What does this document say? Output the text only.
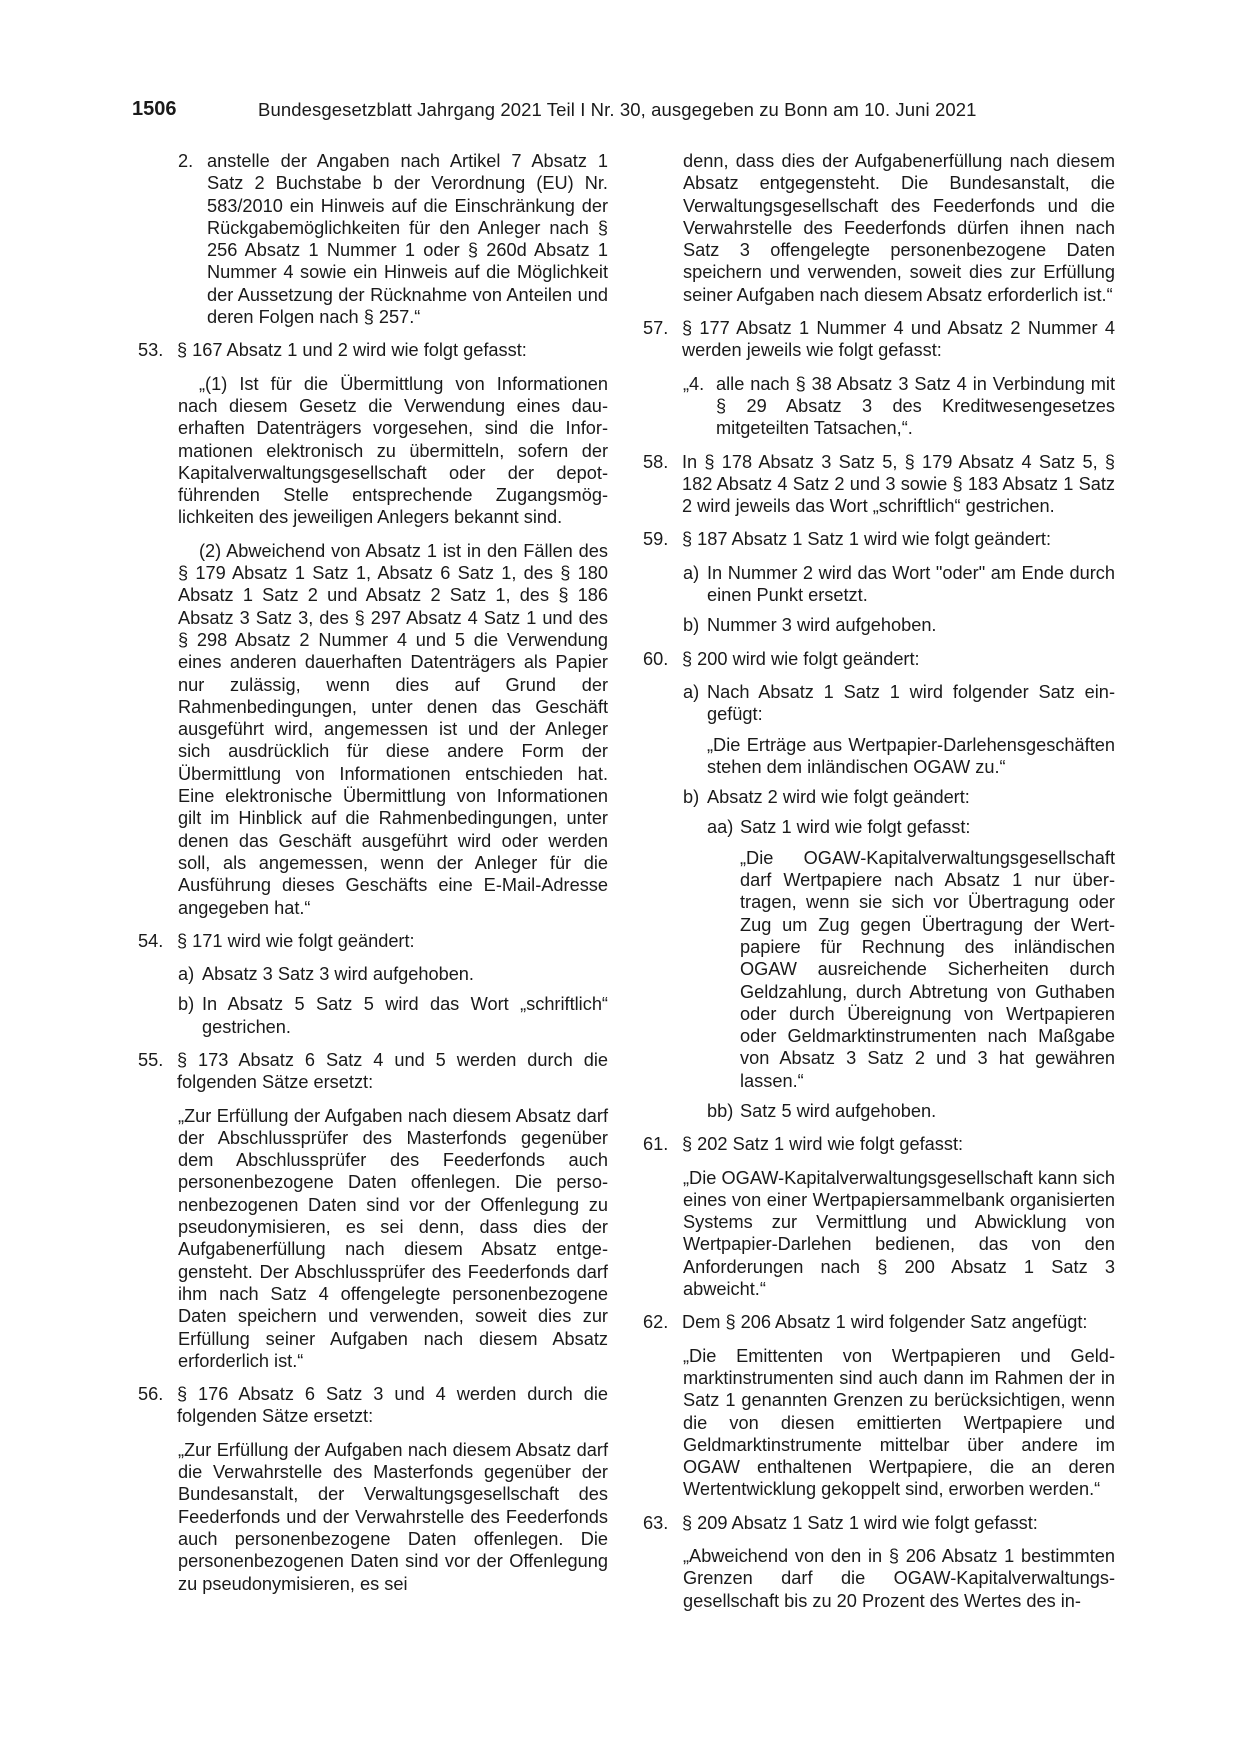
1506	Bundesgesetzblatt Jahrgang 2021 Teil I Nr. 30, ausgegeben zu Bonn am 10. Juni 2021
2. anstelle der Angaben nach Artikel 7 Absatz 1 Satz 2 Buchstabe b der Verordnung (EU) Nr. 583/2010 ein Hinweis auf die Einschränkung der Rückgabemöglichkeiten für den Anleger nach § 256 Absatz 1 Nummer 1 oder § 260d Absatz 1 Nummer 4 sowie ein Hinweis auf die Möglichkeit der Aussetzung der Rücknahme von Anteilen und deren Folgen nach § 257.“
53. § 167 Absatz 1 und 2 wird wie folgt gefasst:

„(1) Ist für die Übermittlung von Informationen nach diesem Gesetz die Verwendung eines dauerhaften Datenträgers vorgesehen, sind die Informationen elektronisch zu übermitteln, sofern der Kapitalverwaltungsgesellschaft oder der depotführenden Stelle entsprechende Zugangsmöglichkeiten des jeweiligen Anlegers bekannt sind.

(2) Abweichend von Absatz 1 ist in den Fällen des § 179 Absatz 1 Satz 1, Absatz 6 Satz 1, des § 180 Absatz 1 Satz 2 und Absatz 2 Satz 1, des § 186 Absatz 3 Satz 3, des § 297 Absatz 4 Satz 1 und des § 298 Absatz 2 Nummer 4 und 5 die Verwendung eines anderen dauerhaften Datenträgers als Papier nur zulässig, wenn dies auf Grund der Rahmenbedingungen, unter denen das Geschäft ausgeführt wird, angemessen ist und der Anleger sich ausdrücklich für diese andere Form der Übermittlung von Informationen entschieden hat. Eine elektronische Übermittlung von Informationen gilt im Hinblick auf die Rahmenbedingungen, unter denen das Geschäft ausgeführt wird oder werden soll, als angemessen, wenn der Anleger für die Ausführung dieses Geschäfts eine E-Mail-Adresse angegeben hat.“

54. § 171 wird wie folgt geändert:
a) Absatz 3 Satz 3 wird aufgehoben.
b) In Absatz 5 Satz 5 wird das Wort „schriftlich“ gestrichen.
55. § 173 Absatz 6 Satz 4 und 5 werden durch die folgenden Sätze ersetzt:

„Zur Erfüllung der Aufgaben nach diesem Absatz darf der Abschlussprüfer des Masterfonds gegenüber dem Abschlussprüfer des Feederfonds auch personenbezogene Daten offenlegen. Die personenbezogenen Daten sind vor der Offenlegung zu pseudonymisieren, es sei denn, dass dies der Aufgabenerfüllung nach diesem Absatz entgegensteht. Der Abschlussprüfer des Feederfonds darf ihm nach Satz 4 offengelegte personenbezogene Daten speichern und verwenden, soweit dies zur Erfüllung seiner Aufgaben nach diesem Absatz erforderlich ist.“

56. § 176 Absatz 6 Satz 3 und 4 werden durch die folgenden Sätze ersetzt:

„Zur Erfüllung der Aufgaben nach diesem Absatz darf die Verwahrstelle des Masterfonds gegenüber der Bundesanstalt, der Verwaltungsgesellschaft des Feederfonds und der Verwahrstelle des Feederfonds auch personenbezogene Daten offenlegen. Die personenbezogenen Daten sind vor der Offenlegung zu pseudonymisieren, es sei

denn, dass dies der Aufgabenerfüllung nach diesem Absatz entgegensteht. Die Bundesanstalt, die Verwaltungsgesellschaft des Feederfonds und die Verwahrstelle des Feederfonds dürfen ihnen nach Satz 3 offengelegte personenbezogene Daten speichern und verwenden, soweit dies zur Erfüllung seiner Aufgaben nach diesem Absatz erforderlich ist.“

57. § 177 Absatz 1 Nummer 4 und Absatz 2 Nummer 4 werden jeweils wie folgt gefasst:
„4. alle nach § 38 Absatz 3 Satz 4 in Verbindung mit § 29 Absatz 3 des Kreditwesengesetzes mitgeteilten Tatsachen,“.
58. In § 178 Absatz 3 Satz 5, § 179 Absatz 4 Satz 5, § 182 Absatz 4 Satz 2 und 3 sowie § 183 Absatz 1 Satz 2 wird jeweils das Wort „schriftlich“ gestrichen.
59. § 187 Absatz 1 Satz 1 wird wie folgt geändert:
a) In Nummer 2 wird das Wort "oder" am Ende durch einen Punkt ersetzt.
b) Nummer 3 wird aufgehoben.
60. § 200 wird wie folgt geändert:
a) Nach Absatz 1 Satz 1 wird folgender Satz eingefügt:

„Die Erträge aus Wertpapier-Darlehensgeschäften stehen dem inländischen OGAW zu.“

b) Absatz 2 wird wie folgt geändert:
aa) Satz 1 wird wie folgt gefasst:

„Die OGAW-Kapitalverwaltungsgesellschaft darf Wertpapiere nach Absatz 1 nur übertragen, wenn sie sich vor Übertragung oder Zug um Zug gegen Übertragung der Wertpapiere für Rechnung des inländischen OGAW ausreichende Sicherheiten durch Geldzahlung, durch Abtretung von Guthaben oder durch Übereignung von Wertpapieren oder Geldmarktinstrumenten nach Maßgabe von Absatz 3 Satz 2 und 3 hat gewähren lassen.“

bb) Satz 5 wird aufgehoben.
61. § 202 Satz 1 wird wie folgt gefasst:

„Die OGAW-Kapitalverwaltungsgesellschaft kann sich eines von einer Wertpapiersammelbank organisierten Systems zur Vermittlung und Abwicklung von Wertpapier-Darlehen bedienen, das von den Anforderungen nach § 200 Absatz 1 Satz 3 abweicht.“

62. Dem § 206 Absatz 1 wird folgender Satz angefügt:

„Die Emittenten von Wertpapieren und Geldmarktinstrumenten sind auch dann im Rahmen der in Satz 1 genannten Grenzen zu berücksichtigen, wenn die von diesen emittierten Wertpapiere und Geldmarktinstrumente mittelbar über andere im OGAW enthaltenen Wertpapiere, die an deren Wertentwicklung gekoppelt sind, erworben werden.“

63. § 209 Absatz 1 Satz 1 wird wie folgt gefasst:

„Abweichend von den in § 206 Absatz 1 bestimmten Grenzen darf die OGAW-Kapitalverwaltungsgesellschaft bis zu 20 Prozent des Wertes des in-
